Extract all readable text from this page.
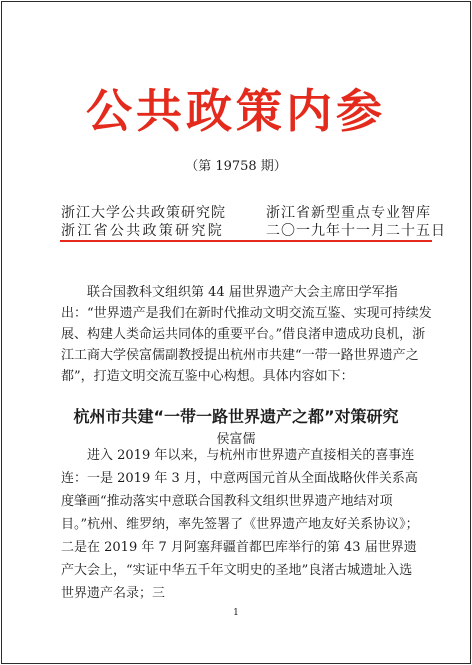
公共政策内参
（第 19758 期）
浙江大学公共政策研究院
浙江省公共政策研究院
浙江省新型重点专业智库
二〇一九年十一月二十五日
联合国教科文组织第 44 届世界遗产大会主席田学军指出：“世界遗产是我们在新时代推动文明交流互鉴、实现可持续发展、构建人类命运共同体的重要平台。”借良渚申遗成功良机，浙江工商大学侯富儒副教授提出杭州市共建“一带一路世界遗产之都”，打造文明交流互鉴中心构想。具体内容如下：
杭州市共建“一带一路世界遗产之都”对策研究
侯富儒

进入 2019 年以来，与杭州市世界遗产直接相关的喜事连连：一是 2019 年 3 月，中意两国元首从全面战略伙伴关系高度肇画“推动落实中意联合国教科文组织世界遗产地结对项目。”杭州、维罗纳，率先签署了《世界遗产地友好关系协议》；二是在 2019 年 7 月阿塞拜疆首都巴库举行的第 43 届世界遗产大会上，“实证中华五千年文明史的圣地”良渚古城遗址入选世界遗产名录；三

1
